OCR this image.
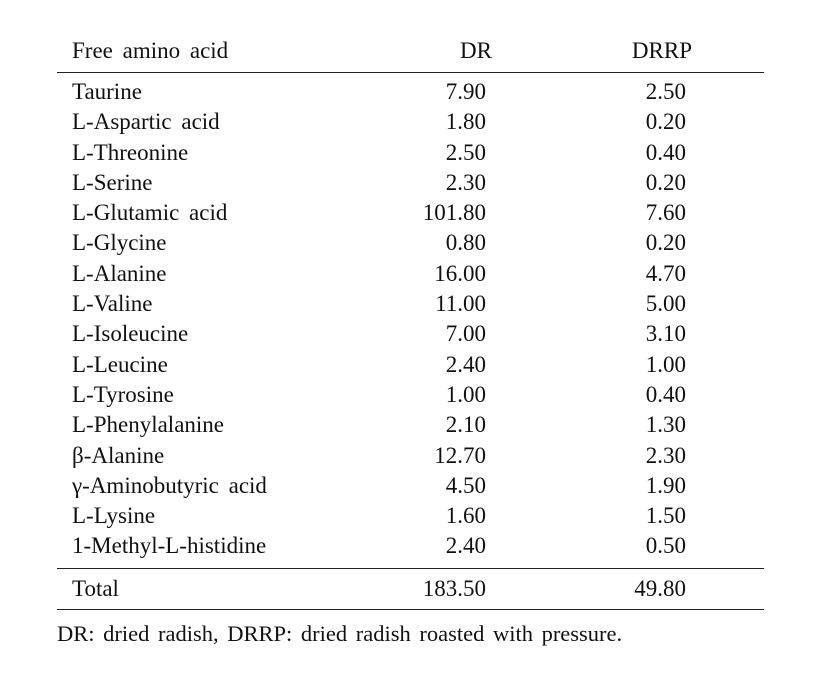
Free amino acid	DR	DRRP
Taurine	7.90	2.50
L-Aspartic acid	1.80	0.20
L-Threonine	2.50	0.40
L-Serine	2.30	0.20
L-Glutamic acid	101.80	7.60
L-Glycine	0.80	0.20
L-Alanine	16.00	4.70
L-Valine	11.00	5.00
L-Isoleucine	7.00	3.10
L-Leucine	2.40	1.00
L-Tyrosine	1.00	0.40
L-Phenylalanine	2.10	1.30
β-Alanine	12.70	2.30
γ-Aminobutyric acid	4.50	1.90
L-Lysine	1.60	1.50
1-Methyl-L-histidine	2.40	0.50
Total	183.50	49.80
DR: dried radish, DRRP: dried radish roasted with pressure.
